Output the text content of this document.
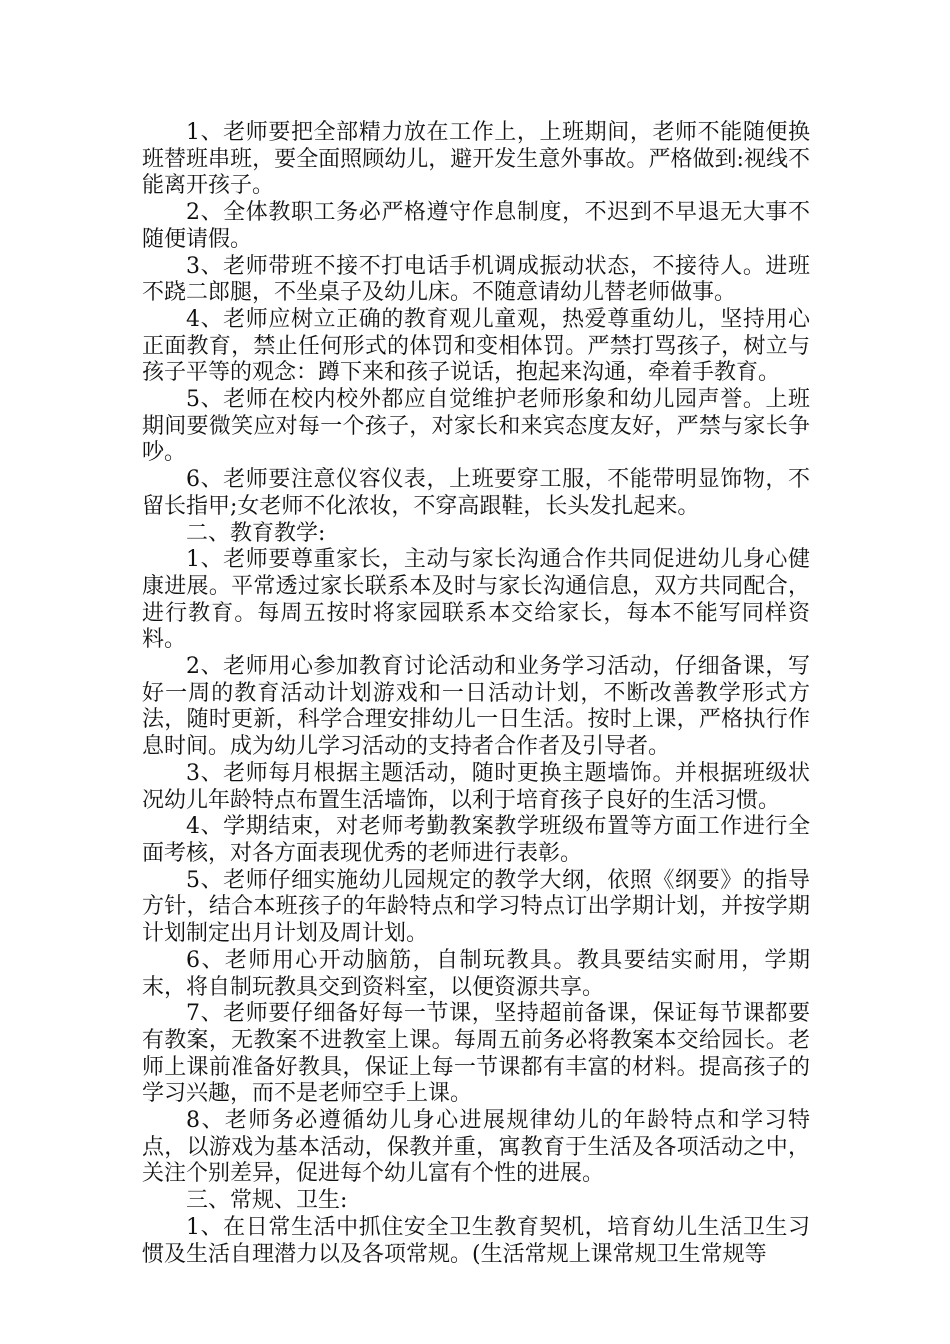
1、老师要把全部精力放在工作上，上班期间，老师不能随便换班替班串班，要全面照顾幼儿，避开发生意外事故。严格做到:视线不能离开孩子。

2、全体教职工务必严格遵守作息制度，不迟到不早退无大事不随便请假。

3、老师带班不接不打电话手机调成振动状态，不接待人。进班不跷二郎腿，不坐桌子及幼儿床。不随意请幼儿替老师做事。

4、老师应树立正确的教育观儿童观，热爱尊重幼儿，坚持用心正面教育，禁止任何形式的体罚和变相体罚。严禁打骂孩子，树立与孩子平等的观念：蹲下来和孩子说话，抱起来沟通，牵着手教育。

5、老师在校内校外都应自觉维护老师形象和幼儿园声誉。上班期间要微笑应对每一个孩子，对家长和来宾态度友好，严禁与家长争吵。

6、老师要注意仪容仪表，上班要穿工服，不能带明显饰物，不留长指甲;女老师不化浓妆，不穿高跟鞋，长头发扎起来。

二、教育教学:

1、老师要尊重家长，主动与家长沟通合作共同促进幼儿身心健康进展。平常透过家长联系本及时与家长沟通信息，双方共同配合，进行教育。每周五按时将家园联系本交给家长，每本不能写同样资料。

2、老师用心参加教育讨论活动和业务学习活动，仔细备课，写好一周的教育活动计划游戏和一日活动计划，不断改善教学形式方法，随时更新，科学合理安排幼儿一日生活。按时上课，严格执行作息时间。成为幼儿学习活动的支持者合作者及引导者。

3、老师每月根据主题活动，随时更换主题墙饰。并根据班级状况幼儿年龄特点布置生活墙饰，以利于培育孩子良好的生活习惯。

4、学期结束，对老师考勤教案教学班级布置等方面工作进行全面考核，对各方面表现优秀的老师进行表彰。

5、老师仔细实施幼儿园规定的教学大纲，依照《纲要》的指导方针，结合本班孩子的年龄特点和学习特点订出学期计划，并按学期计划制定出月计划及周计划。

6、老师用心开动脑筋，自制玩教具。教具要结实耐用，学期末，将自制玩教具交到资料室，以便资源共享。

7、老师要仔细备好每一节课，坚持超前备课，保证每节课都要有教案，无教案不进教室上课。每周五前务必将教案本交给园长。老师上课前准备好教具，保证上每一节课都有丰富的材料。提高孩子的学习兴趣，而不是老师空手上课。

8、老师务必遵循幼儿身心进展规律幼儿的年龄特点和学习特点，以游戏为基本活动，保教并重，寓教育于生活及各项活动之中，关注个别差异，促进每个幼儿富有个性的进展。

三、常规、卫生:

1、在日常生活中抓住安全卫生教育契机，培育幼儿生活卫生习惯及生活自理潜力以及各项常规。(生活常规上课常规卫生常规等
